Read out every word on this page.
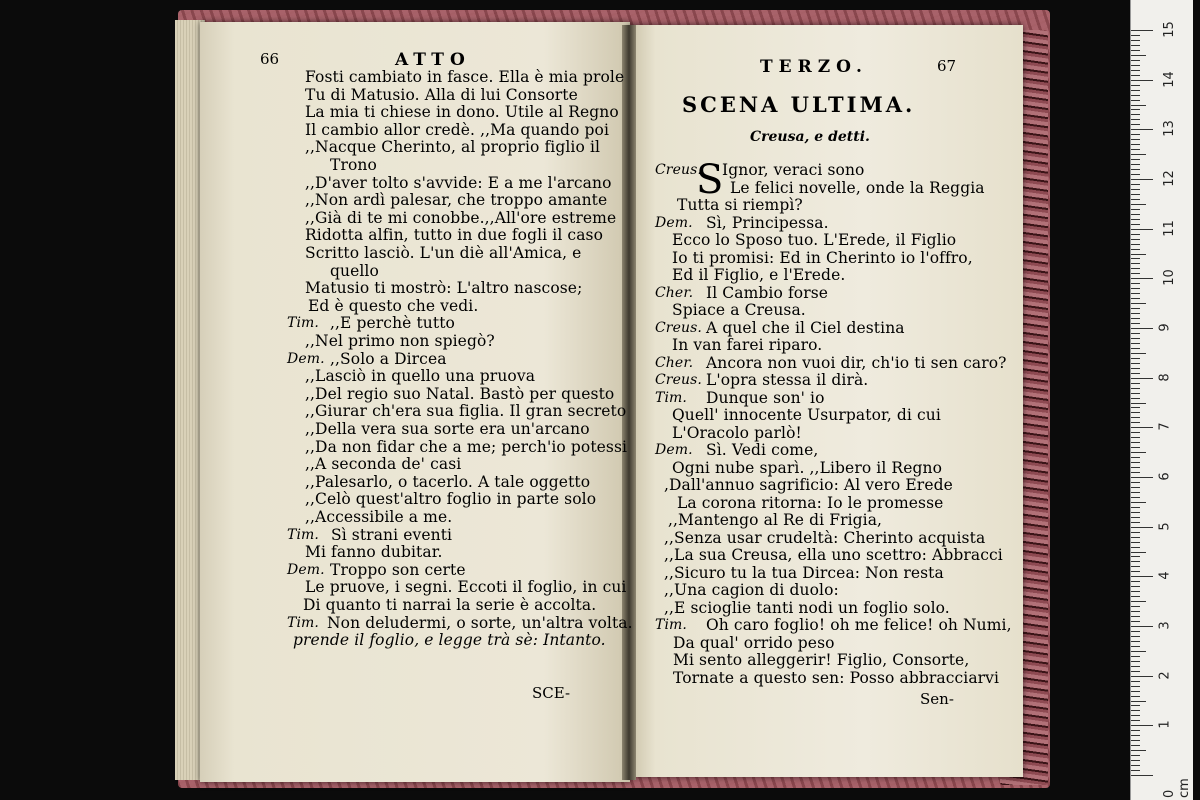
66	ATTO
Fosti cambiato in fasce. Ella è mia prole
Tu di Matusio. Alla di lui Consorte
La mia ti chiese in dono. Utile al Regno
Il cambio allor credè. ,,Ma quando poi
,,Nacque Cherinto, al proprio figlio il
Trono
,,D'aver tolto s'avvide: E a me l'arcano
,,Non ardì palesar, che troppo amante
,,Già di te mi conobbe.,,All'ore estreme
Ridotta alfin, tutto in due fogli il caso
Scritto lasciò. L'un diè all'Amica, e
quello
Matusio ti mostrò: L'altro nascose;
Ed è questo che vedi.
Tim. ,,E perchè tutto
,,Nel primo non spiegò?
Dem. ,,Solo a Dircea
,,Lasciò in quello una pruova
,,Del regio suo Natal. Bastò per questo
,,Giurar ch'era sua figlia. Il gran secreto
,,Della vera sua sorte era un'arcano
,,Da non fidar che a me; perch'io potessi
,,A seconda de' casi
,,Palesarlo, o tacerlo. A tale oggetto
,,Celò quest'altro foglio in parte solo
,,Accessibile a me.
Tim. Sì strani eventi
Mi fanno dubitar.
Dem. Troppo son certe
Le pruove, i segni. Eccoti il foglio, in cui
Di quanto ti narrai la serie è accolta.
Tim. Non deludermi, o sorte, un'altra volta.
prende il foglio, e legge trà sè: Intanto.
SCE-
TERZO.	67
SCENA ULTIMA.
Creusa, e detti.
S
Creus. Ignor, veraci sono
Le felici novelle, onde la Reggia
Tutta si riempì?
Dem. Sì, Principessa.
Ecco lo Sposo tuo. L'Erede, il Figlio
Io ti promisi: Ed in Cherinto io l'offro,
Ed il Figlio, e l'Erede.
Cher. Il Cambio forse
Spiace a Creusa.
Creus. A quel che il Ciel destina
In van farei riparo.
Cher. Ancora non vuoi dir, ch'io ti sen caro?
Creus. L'opra stessa il dirà.
Tim. Dunque son' io
Quell' innocente Usurpator, di cui
L'Oracolo parlò!
Dem. Sì. Vedi come,
Ogni nube sparì. ,,Libero il Regno
,Dall'annuo sagrificio: Al vero Erede
La corona ritorna: Io le promesse
,,Mantengo al Re di Frigia,
,,Senza usar crudeltà: Cherinto acquista
,,La sua Creusa, ella uno scettro: Abbracci
,,Sicuro tu la tua Dircea: Non resta
,,Una cagion di duolo:
,,E scioglie tanti nodi un foglio solo.
Tim. Oh caro foglio! oh me felice! oh Numi,
Da qual' orrido peso
Mi sento alleggerir! Figlio, Consorte,
Tornate a questo sen: Posso abbracciarvi
Sen-
15
14
13
12
11
10
9
8
7
6
5
4
3
2
1
0 cm
